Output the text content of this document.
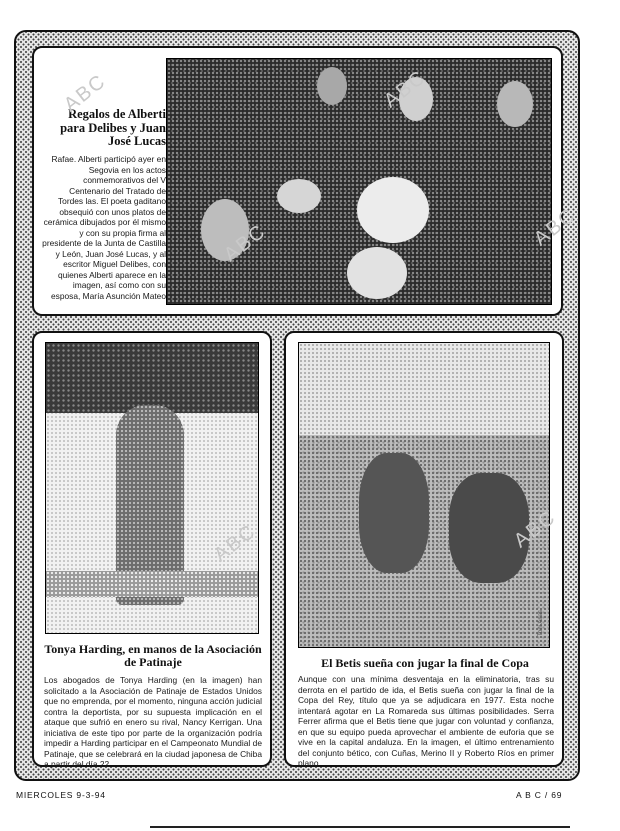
Regalos de Alberti para Delibes y Juan José Lucas
Rafae. Alberti participó ayer en Segovia en los actos conmemorativos del V Centenario del Tratado de Tordes las. El poeta gaditano obsequió con unos platos de cerámica dibujados por él mismo y con su propia firma al presidente de la Junta de Castilla y León, Juan José Lucas, y al escritor Miguel Delibes, con quienes Alberti aparece en la imagen, así como con su esposa, María Asunción Mateo
Tonya Harding, en manos de la Asociación de Patinaje
Los abogados de Tonya Harding (en la imagen) han solicitado a la Asociación de Patinaje de Estados Unidos que no emprenda, por el momento, ninguna acción judicial contra la deportista, por su supuesta implicación en el ataque que sufrió en enero su rival, Nancy Kerrigan. Una iniciativa de este tipo por parte de la organización podría impedir a Harding participar en el Campeonato Mundial de Patinaje, que se celebrará en la ciudad japonesa de Chiba a partir del día 22
Toni Arias
El Betis sueña con jugar la final de Copa
Aunque con una mínima desventaja en la eliminatoria, tras su derrota en el partido de ida, el Betis sueña con jugar la final de la Copa del Rey, título que ya se adjudicara en 1977. Esta noche intentará agotar en La Romareda sus últimas posibilidades. Serra Ferrer afirma que el Betis tiene que jugar con voluntad y confianza, en que su equipo pueda aprovechar el ambiente de euforia que se vive en la capital andaluza. En la imagen, el último entrenamiento del conjunto bético, con Cuñas, Merino II y Roberto Ríos en primer plano
ABC	ABC
ABC	ABC
ABC	ABC
MIERCOLES 9-3-94	A B C / 69
